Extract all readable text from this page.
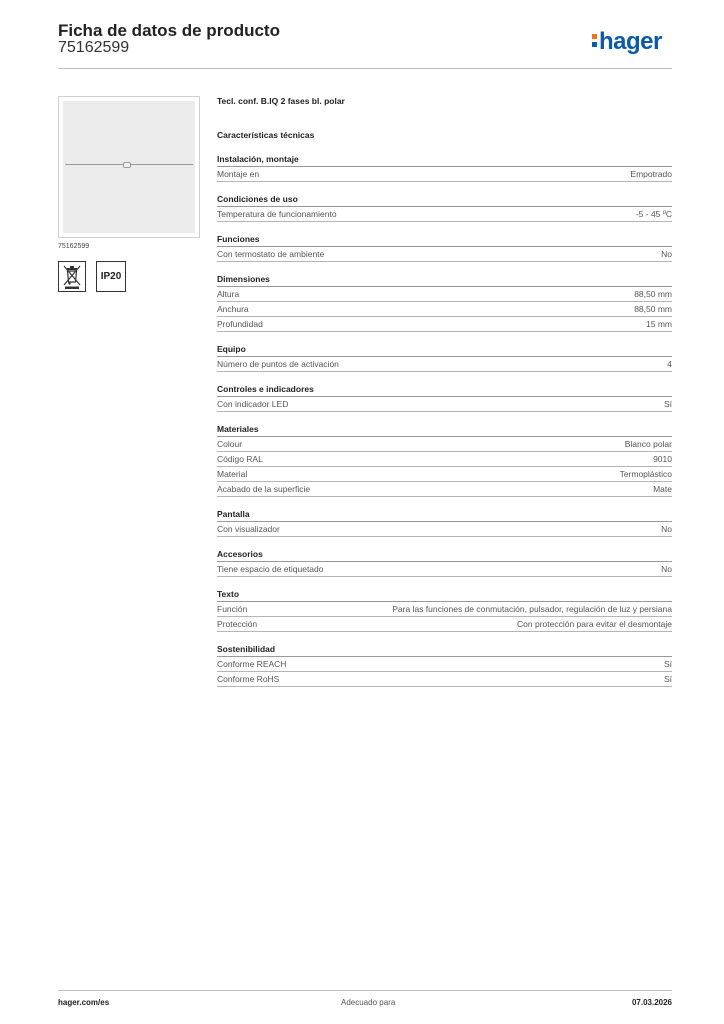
Ficha de datos de producto
75162599	hager
75162599
IP20
Tecl. conf. B.IQ 2 fases bl. polar
Características técnicas
Instalación, montaje
Montaje en	Empotrado
Condiciones de uso
Temperatura de funcionamiento	-5 - 45 ºC
Funciones
Con termostato de ambiente	No
Dimensiones
Altura	88,50 mm
Anchura	88,50 mm
Profundidad	15 mm
Equipo
Número de puntos de activación	4
Controles e indicadores
Con indicador LED	Sí
Materiales
Colour	Blanco polar
Código RAL	9010
Material	Termoplástico
Acabado de la superficie	Mate
Pantalla
Con visualizador	No
Accesorios
Tiene espacio de etiquetado	No
Texto
Función	Para las funciones de conmutación, pulsador, regulación de luz y persiana
Protección	Con protección para evitar el desmontaje
Sostenibilidad
Conforme REACH	Sí
Conforme RoHS	Sí
hager.com/es	Adecuado para	07.03.2026
